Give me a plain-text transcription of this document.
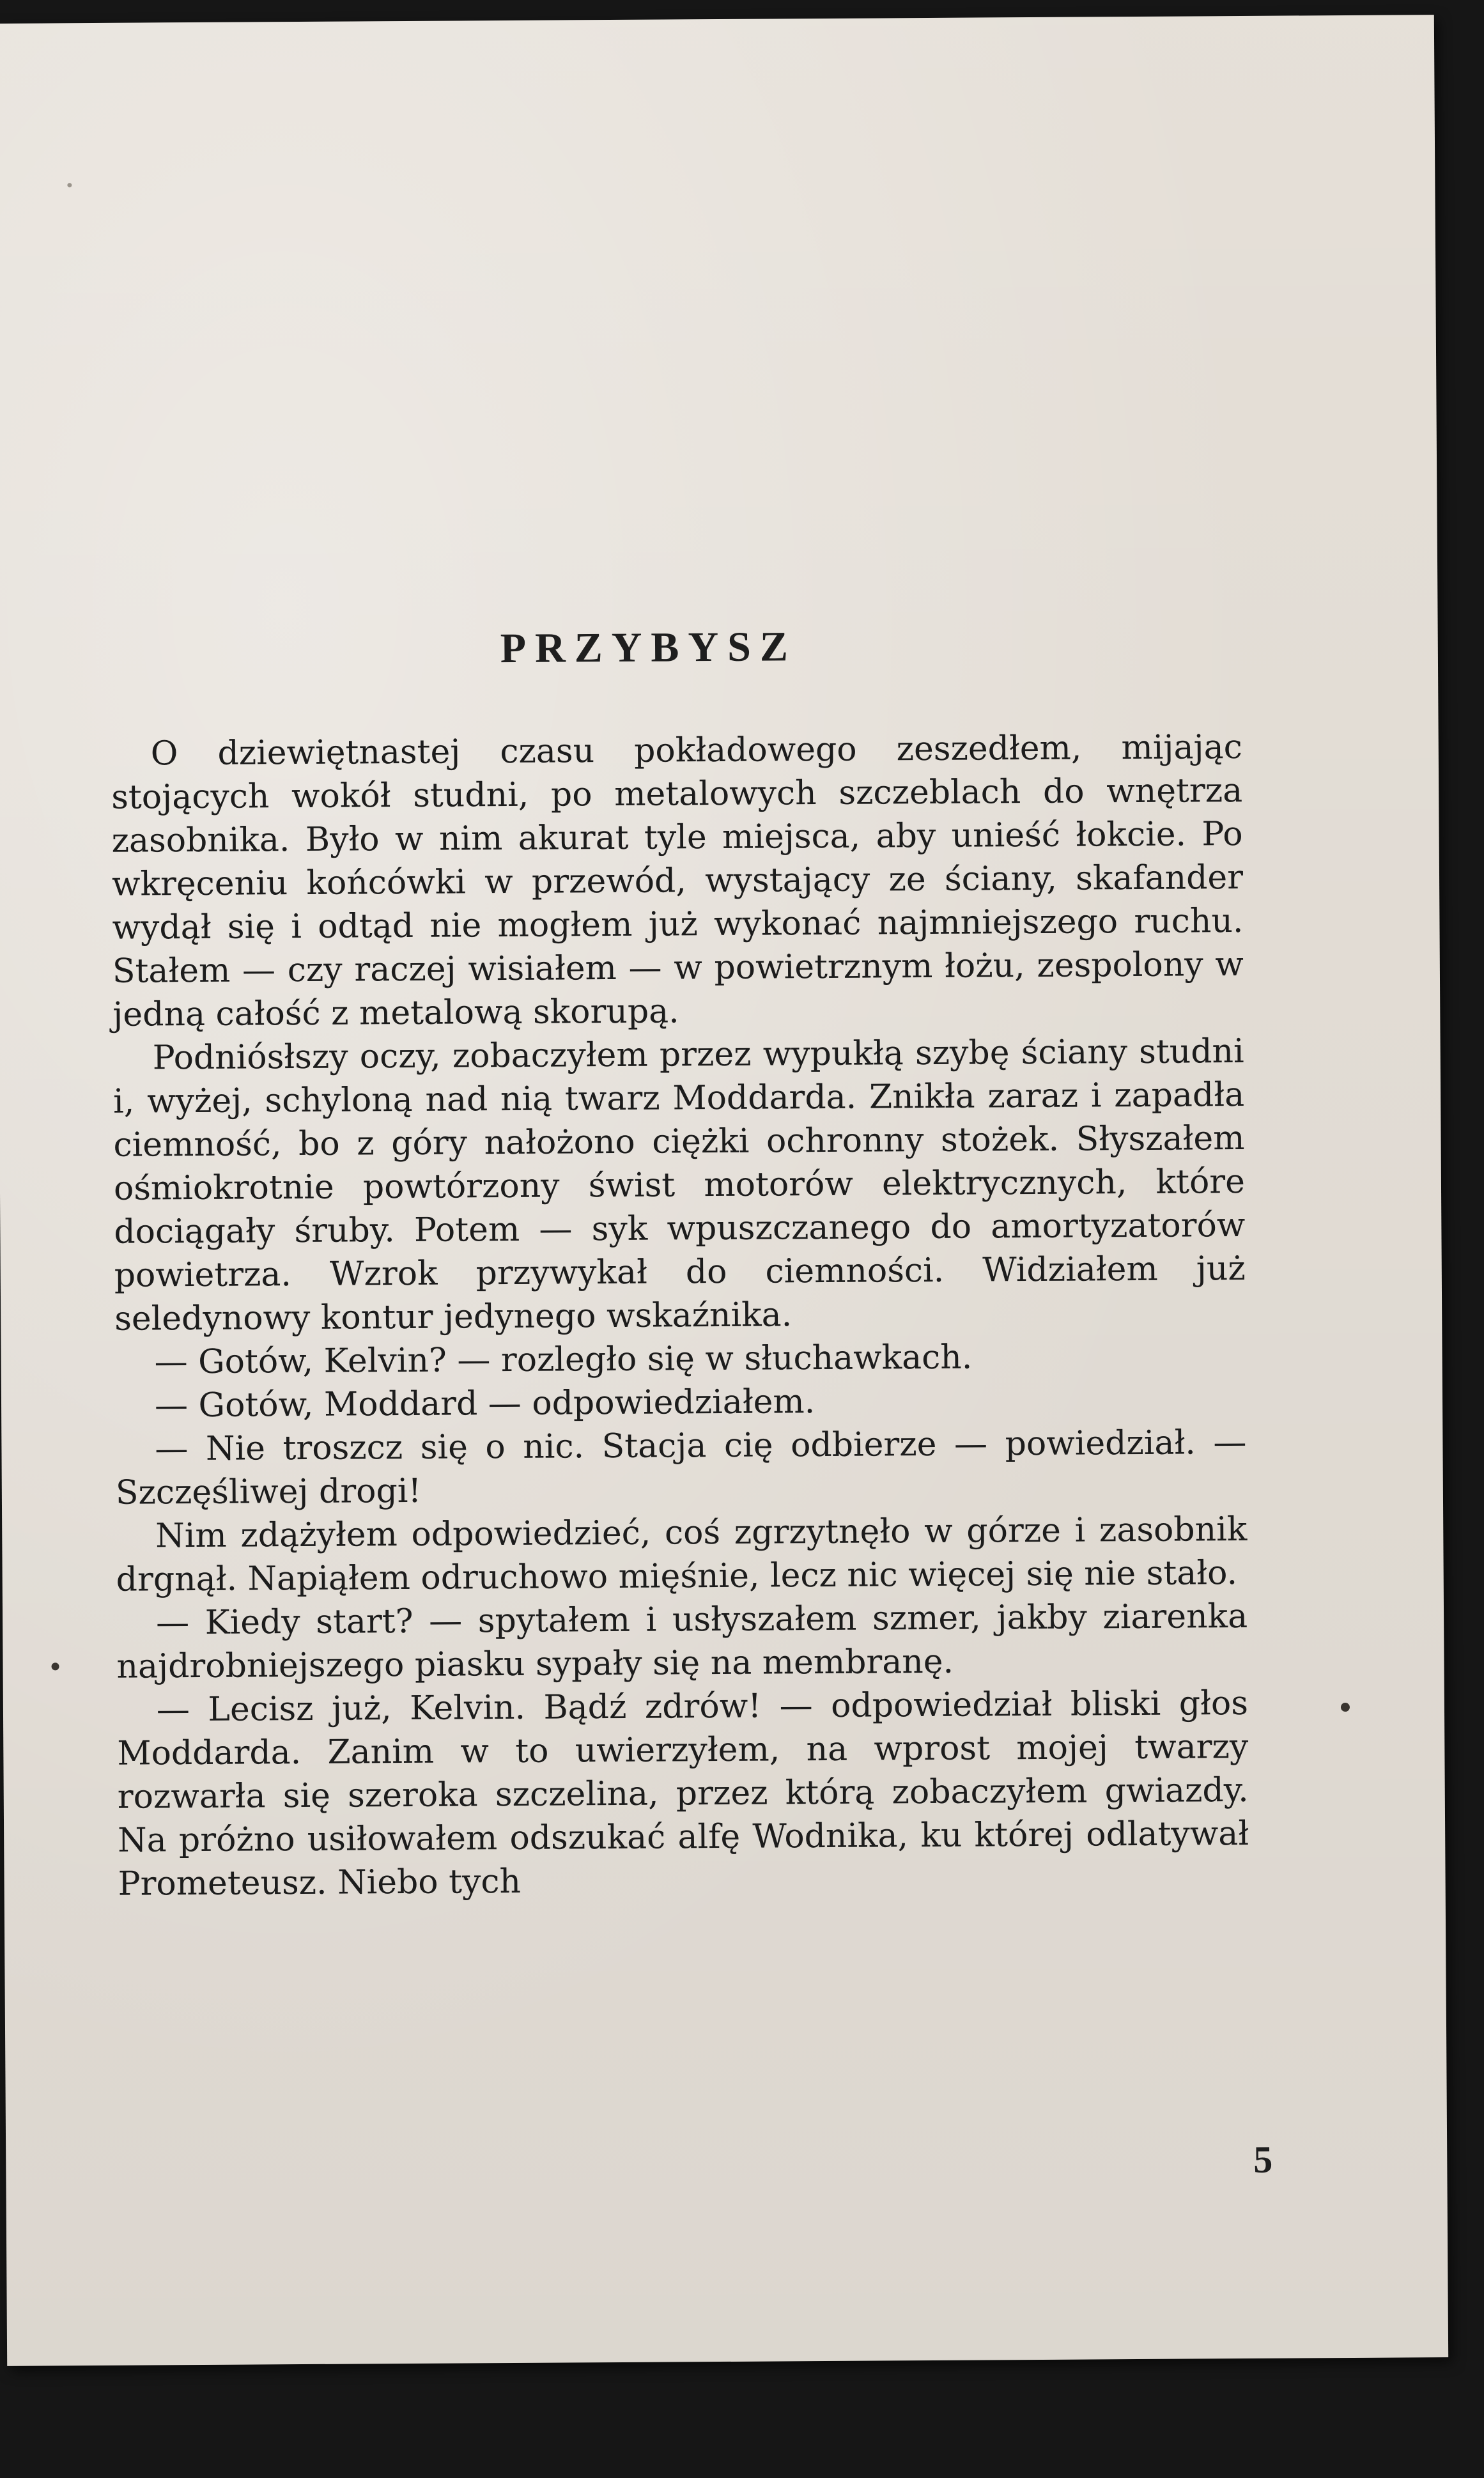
PRZYBYSZ

O dziewiętnastej czasu pokładowego zeszedłem, mijając stojących wokół studni, po metalowych szczeblach do wnętrza zasobnika. Było w nim akurat tyle miejsca, aby unieść łokcie. Po wkręceniu końcówki w przewód, wystający ze ściany, skafander wydął się i odtąd nie mogłem już wykonać najmniejszego ruchu. Stałem — czy raczej wisiałem — w powietrznym łożu, zespolony w jedną całość z metalową skorupą.

Podniósłszy oczy, zobaczyłem przez wypukłą szybę ściany studni i, wyżej, schyloną nad nią twarz Moddarda. Znikła zaraz i zapadła ciemność, bo z góry nałożono ciężki ochronny stożek. Słyszałem ośmiokrotnie powtórzony świst motorów elektrycznych, które dociągały śruby. Potem — syk wpuszczanego do amortyzatorów powietrza. Wzrok przywykał do ciemności. Widziałem już seledynowy kontur jedynego wskaźnika.

— Gotów, Kelvin? — rozległo się w słuchawkach.

— Gotów, Moddard — odpowiedziałem.

— Nie troszcz się o nic. Stacja cię odbierze — powiedział. — Szczęśliwej drogi!

Nim zdążyłem odpowiedzieć, coś zgrzytnęło w górze i zasobnik drgnął. Napiąłem odruchowo mięśnie, lecz nic więcej się nie stało.

— Kiedy start? — spytałem i usłyszałem szmer, jakby ziarenka najdrobniejszego piasku sypały się na membranę.

— Lecisz już, Kelvin. Bądź zdrów! — odpowiedział bliski głos Moddarda. Zanim w to uwierzyłem, na wprost mojej twarzy rozwarła się szeroka szczelina, przez którą zobaczyłem gwiazdy. Na próżno usiłowałem odszukać alfę Wodnika, ku której odlatywał Prometeusz. Niebo tych

5
